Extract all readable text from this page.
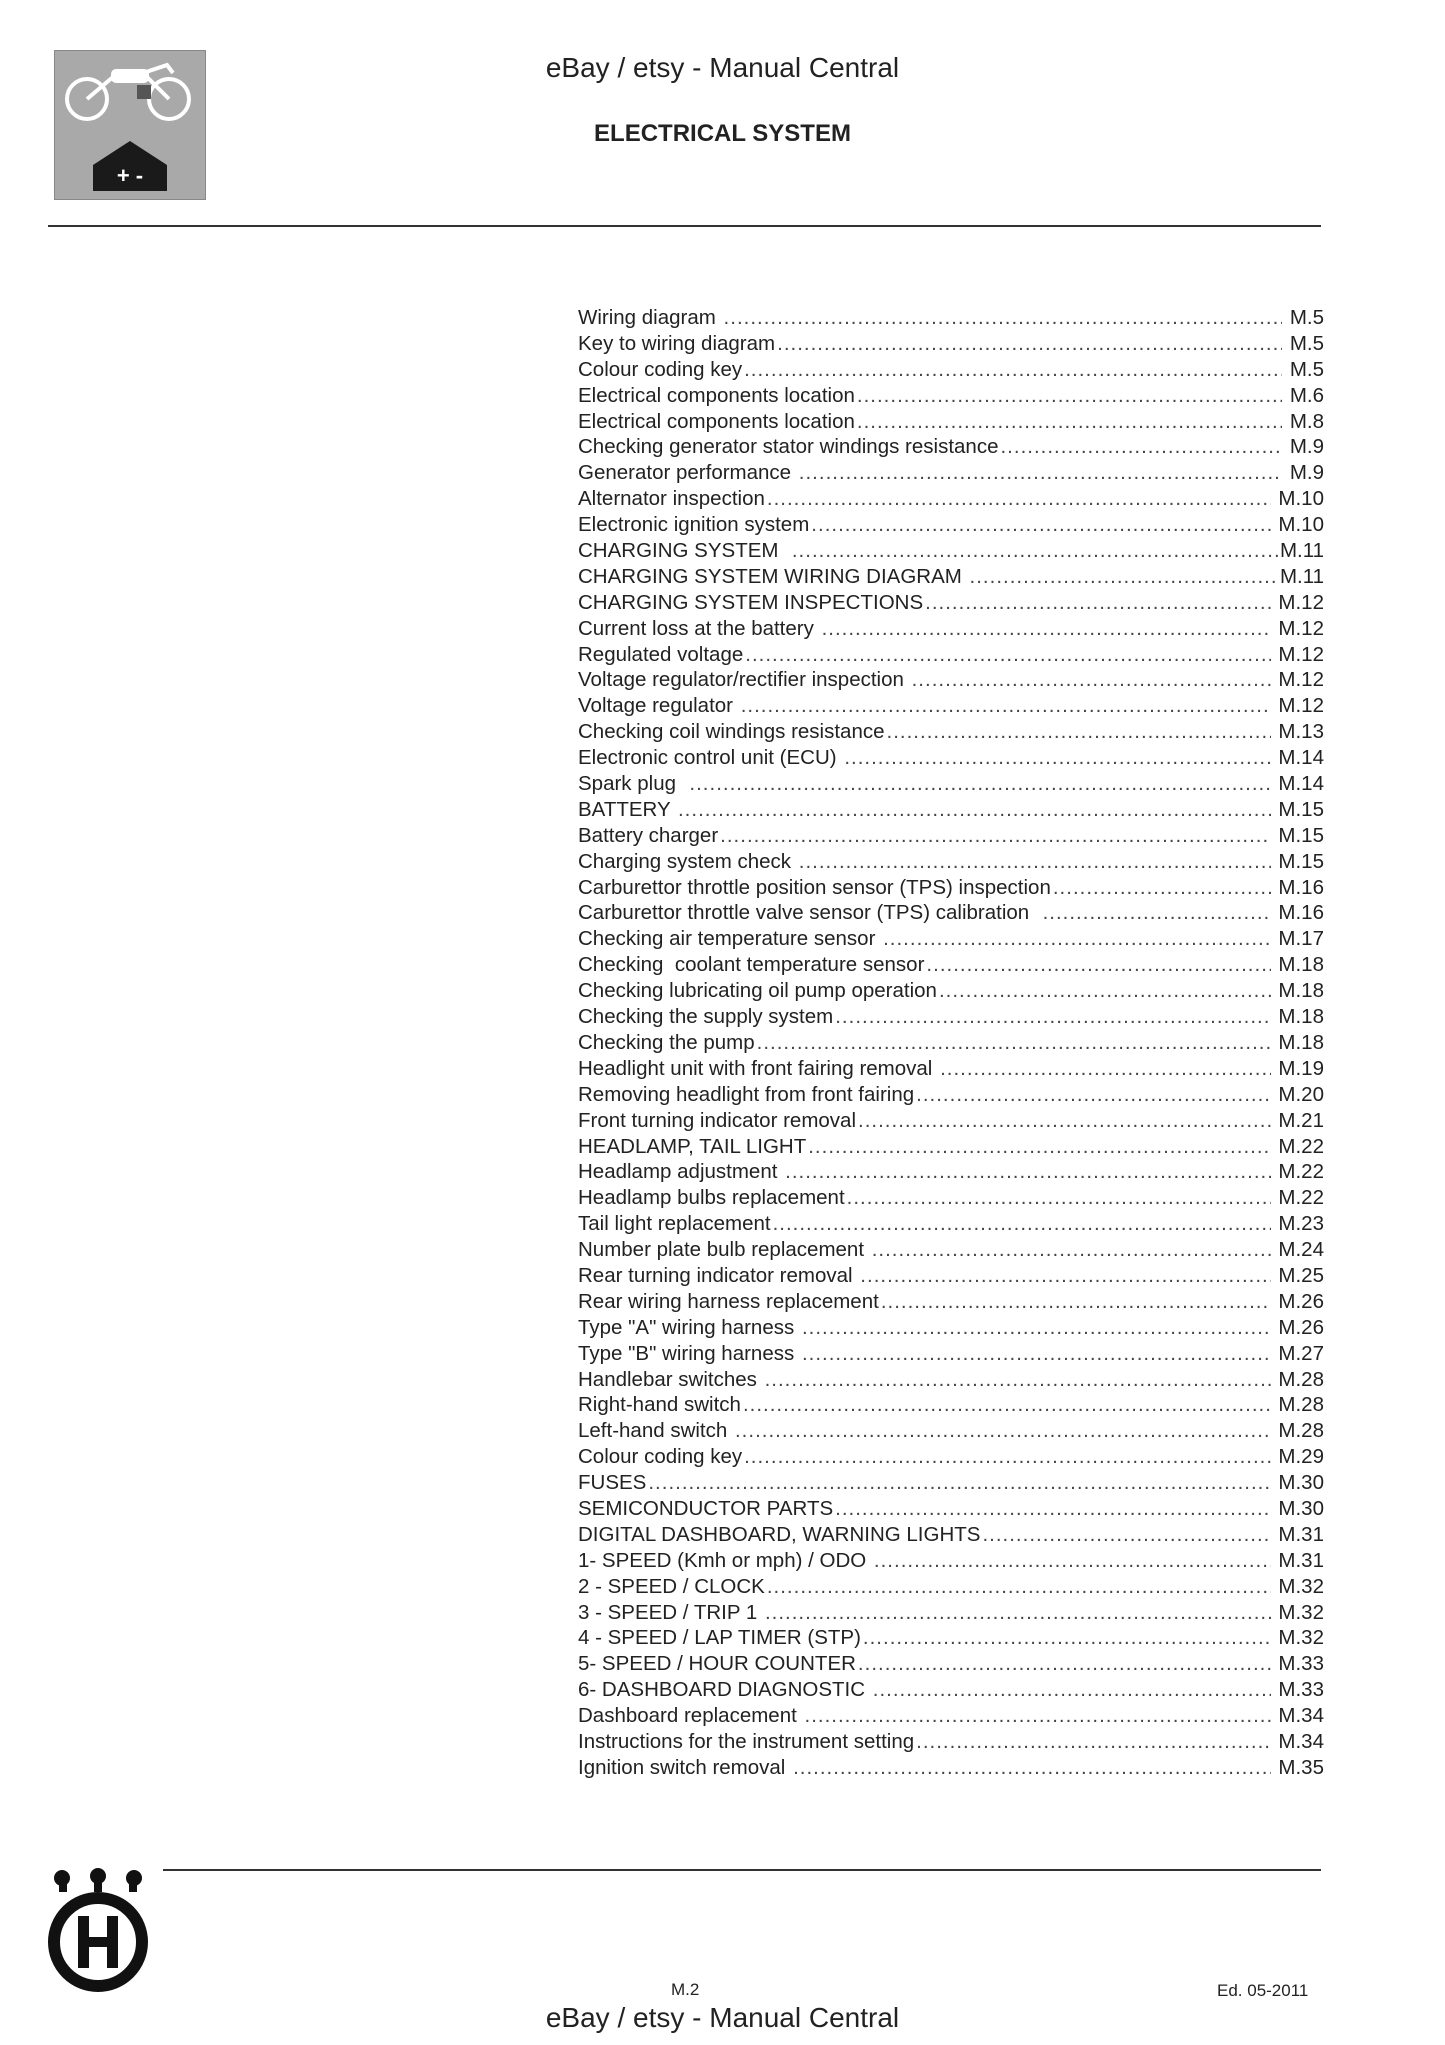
+ -
eBay / etsy - Manual Central
ELECTRICAL SYSTEM
Wiring diagram .....	M.5
Key to wiring diagram .....	M.5
Colour coding key .....	M.5
Electrical components location .....	M.6
Electrical components location .....	M.8
Checking generator stator windings resistance .....	M.9
Generator performance .....	M.9
Alternator inspection .....	M.10
Electronic ignition system .....	M.10
CHARGING SYSTEM .....	M.11
CHARGING SYSTEM WIRING DIAGRAM .....	M.11
CHARGING SYSTEM INSPECTIONS .....	M.12
Current loss at the battery .....	M.12
Regulated voltage .....	M.12
Voltage regulator/rectifier inspection .....	M.12
Voltage regulator .....	M.12
Checking coil windings resistance .....	M.13
Electronic control unit (ECU) .....	M.14
Spark plug .....	M.14
BATTERY .....	M.15
Battery charger .....	M.15
Charging system check .....	M.15
Carburettor throttle position sensor (TPS) inspection .....	M.16
Carburettor throttle valve sensor (TPS) calibration .....	M.16
Checking air temperature sensor .....	M.17
Checking  coolant temperature sensor .....	M.18
Checking lubricating oil pump operation .....	M.18
Checking the supply system .....	M.18
Checking the pump .....	M.18
Headlight unit with front fairing removal .....	M.19
Removing headlight from front fairing .....	M.20
Front turning indicator removal .....	M.21
HEADLAMP, TAIL LIGHT .....	M.22
Headlamp adjustment .....	M.22
Headlamp bulbs replacement .....	M.22
Tail light replacement .....	M.23
Number plate bulb replacement .....	M.24
Rear turning indicator removal .....	M.25
Rear wiring harness replacement .....	M.26
Type "A" wiring harness .....	M.26
Type "B" wiring harness .....	M.27
Handlebar switches .....	M.28
Right-hand switch .....	M.28
Left-hand switch .....	M.28
Colour coding key .....	M.29
FUSES .....	M.30
SEMICONDUCTOR PARTS .....	M.30
DIGITAL DASHBOARD, WARNING LIGHTS .....	M.31
1- SPEED (Kmh or mph) / ODO .....	M.31
2 - SPEED / CLOCK .....	M.32
3 - SPEED / TRIP 1 .....	M.32
4 - SPEED / LAP TIMER (STP) .....	M.32
5- SPEED / HOUR COUNTER .....	M.33
6- DASHBOARD DIAGNOSTIC .....	M.33
Dashboard replacement .....	M.34
Instructions for the instrument setting .....	M.34
Ignition switch removal .....	M.35
M.2	Ed. 05-2011
eBay / etsy - Manual Central
